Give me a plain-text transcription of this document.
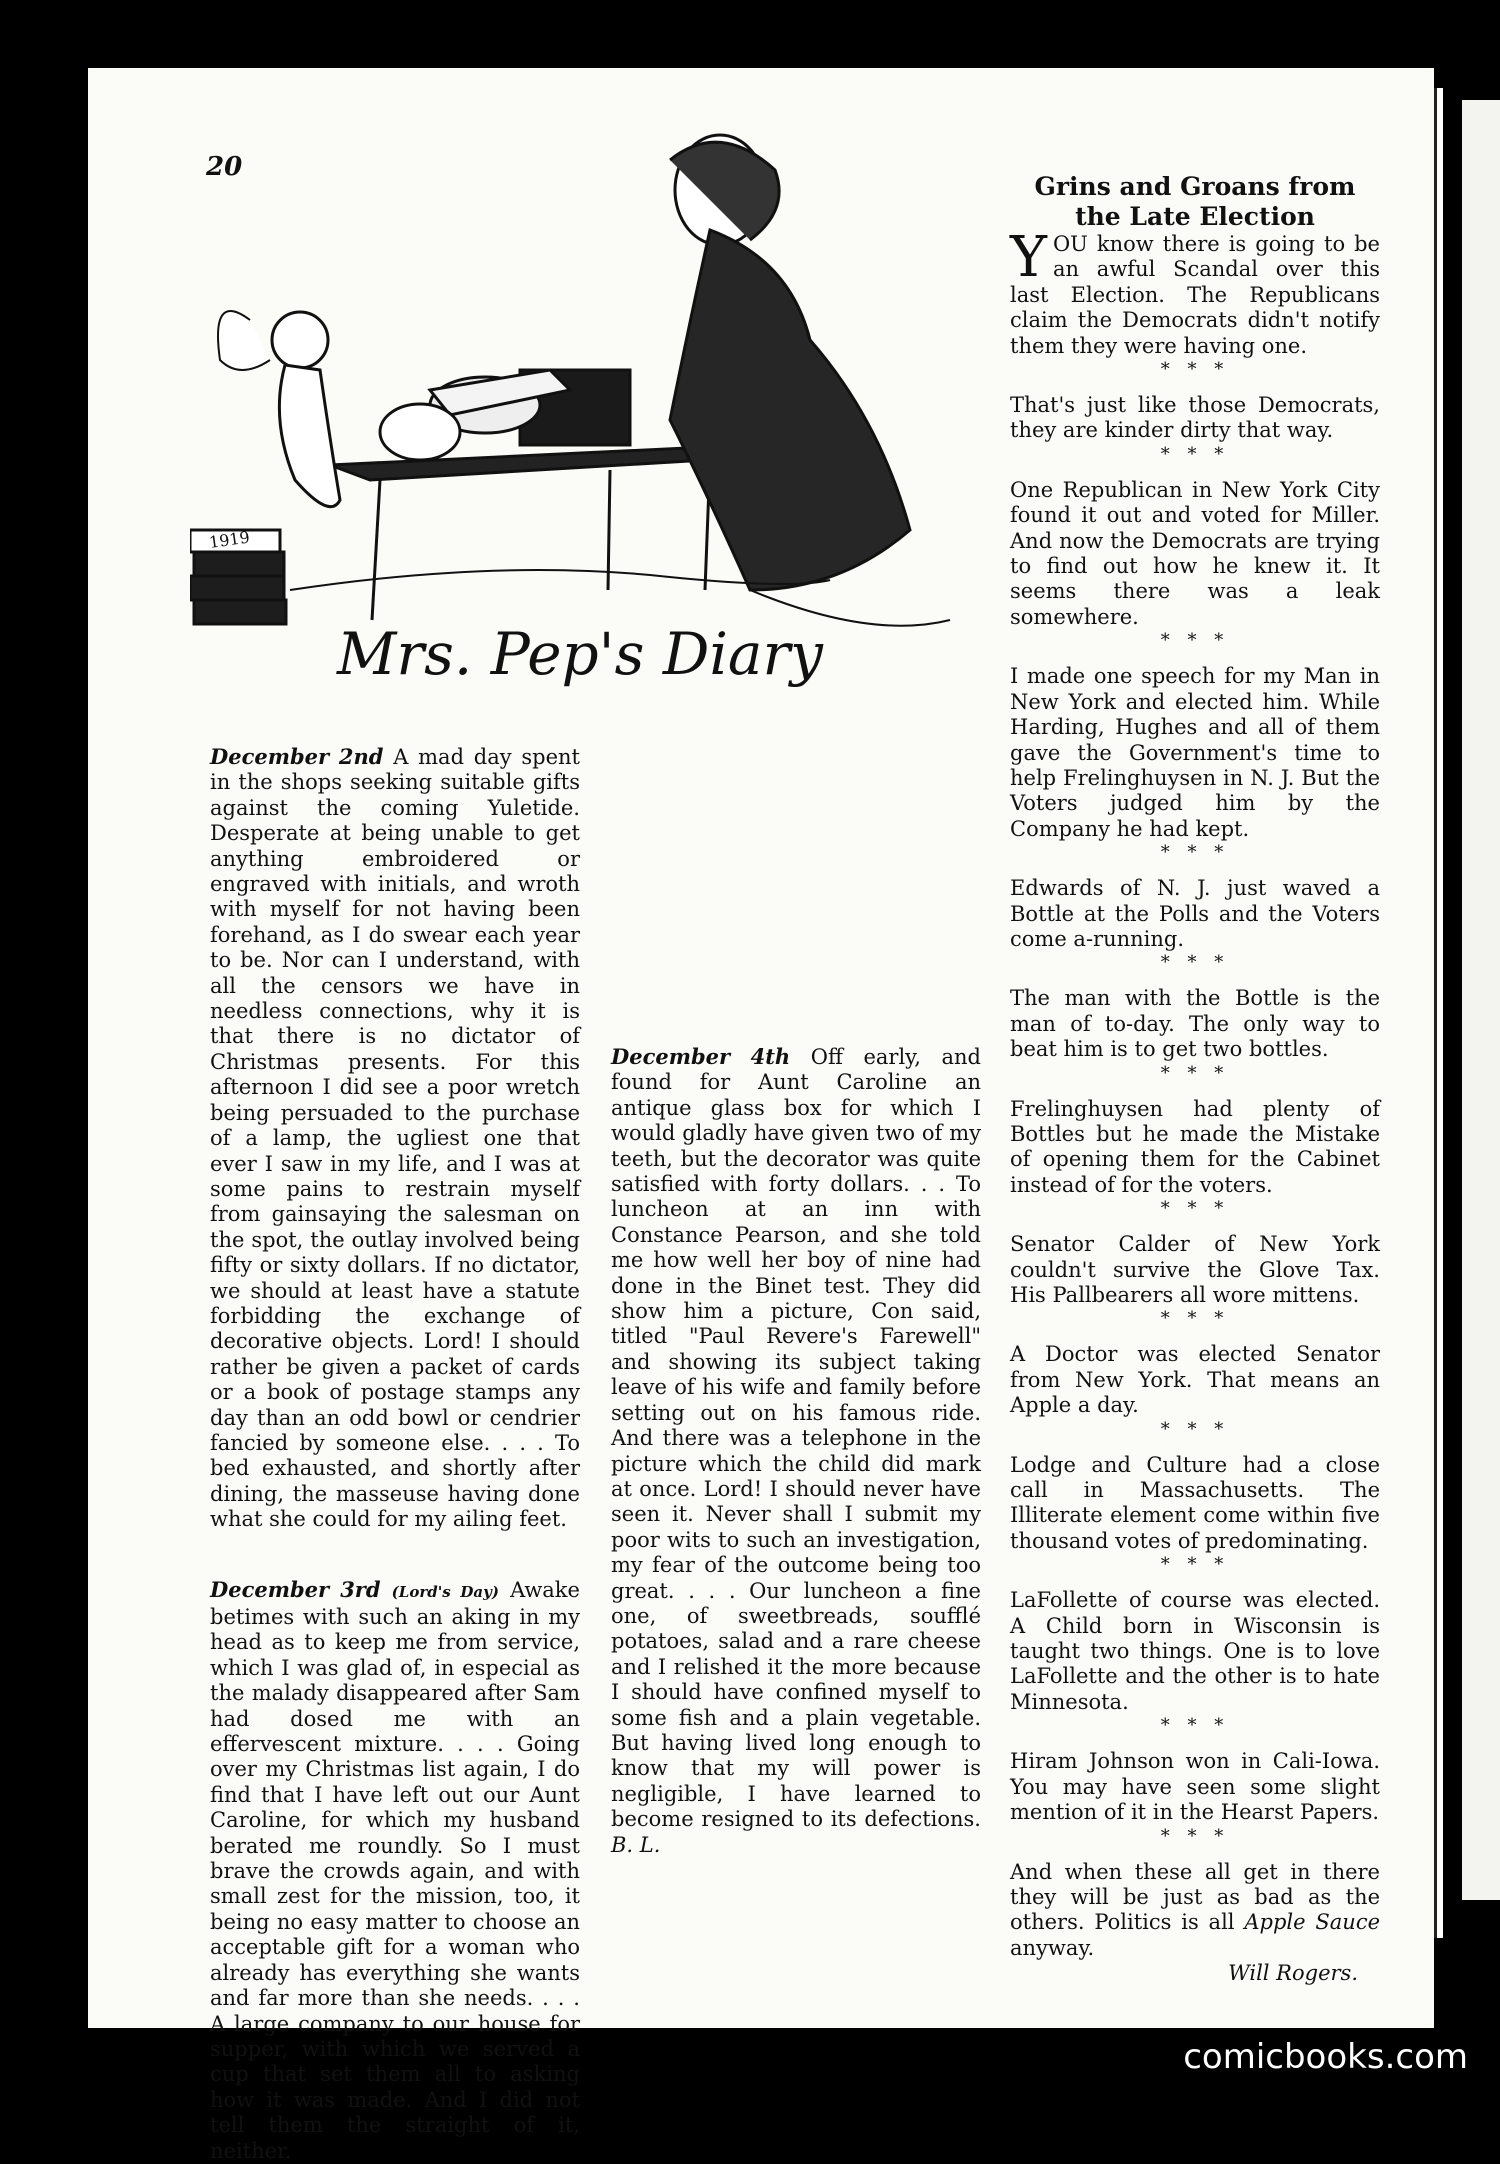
20
1919
Mrs. Pep's Diary

December 2nd A mad day spent in the shops seeking suitable gifts against the coming Yuletide. Desperate at being unable to get anything embroidered or engraved with initials, and wroth with myself for not having been forehand, as I do swear each year to be. Nor can I understand, with all the censors we have in needless connections, why it is that there is no dictator of Christmas presents. For this afternoon I did see a poor wretch being persuaded to the purchase of a lamp, the ugliest one that ever I saw in my life, and I was at some pains to restrain myself from gainsaying the salesman on the spot, the outlay involved being fifty or sixty dollars. If no dictator, we should at least have a statute forbidding the exchange of decorative objects. Lord! I should rather be given a packet of cards or a book of postage stamps any day than an odd bowl or cendrier fancied by someone else. . . . To bed exhausted, and shortly after dining, the masseuse having done what she could for my ailing feet.

December 3rd (Lord's Day) Awake betimes with such an aking in my head as to keep me from service, which I was glad of, in especial as the malady disappeared after Sam had dosed me with an effervescent mixture. . . . Going over my Christmas list again, I do find that I have left out our Aunt Caroline, for which my husband berated me roundly. So I must brave the crowds again, and with small zest for the mission, too, it being no easy matter to choose an acceptable gift for a woman who already has everything she wants and far more than she needs. . . . A large company to our house for supper, with which we served a cup that set them all to asking how it was made. And I did not tell them the straight of it, neither.

December 4th Off early, and found for Aunt Caroline an antique glass box for which I would gladly have given two of my teeth, but the decorator was quite satisfied with forty dollars. . . To luncheon at an inn with Constance Pearson, and she told me how well her boy of nine had done in the Binet test. They did show him a picture, Con said, titled "Paul Revere's Farewell" and showing its subject taking leave of his wife and family before setting out on his famous ride. And there was a telephone in the picture which the child did mark at once. Lord! I should never have seen it. Never shall I submit my poor wits to such an investigation, my fear of the outcome being too great. . . . Our luncheon a fine one, of sweetbreads, soufflé potatoes, salad and a rare cheese and I relished it the more because I should have confined myself to some fish and a plain vegetable. But having lived long enough to know that my will power is negligible, I have learned to become resigned to its defections. B. L.

Grins and Groans from
the Late Election

YOU know there is going to be an awful Scandal over this last Election. The Republicans claim the Democrats didn't notify them they were having one.

* * *

That's just like those Democrats, they are kinder dirty that way.

* * *

One Republican in New York City found it out and voted for Miller. And now the Democrats are trying to find out how he knew it. It seems there was a leak somewhere.

* * *

I made one speech for my Man in New York and elected him. While Harding, Hughes and all of them gave the Government's time to help Frelinghuysen in N. J. But the Voters judged him by the Company he had kept.

* * *

Edwards of N. J. just waved a Bottle at the Polls and the Voters come a-running.

* * *

The man with the Bottle is the man of to-day. The only way to beat him is to get two bottles.

* * *

Frelinghuysen had plenty of Bottles but he made the Mistake of opening them for the Cabinet instead of for the voters.

* * *

Senator Calder of New York couldn't survive the Glove Tax. His Pallbearers all wore mittens.

* * *

A Doctor was elected Senator from New York. That means an Apple a day.

* * *

Lodge and Culture had a close call in Massachusetts. The Illiterate element come within five thousand votes of predominating.

* * *

LaFollette of course was elected. A Child born in Wisconsin is taught two things. One is to love LaFollette and the other is to hate Minnesota.

* * *

Hiram Johnson won in Cali-Iowa. You may have seen some slight mention of it in the Hearst Papers.

* * *

And when these all get in there they will be just as bad as the others. Politics is all Apple Sauce anyway.

Will Rogers.

comicbooks.com
